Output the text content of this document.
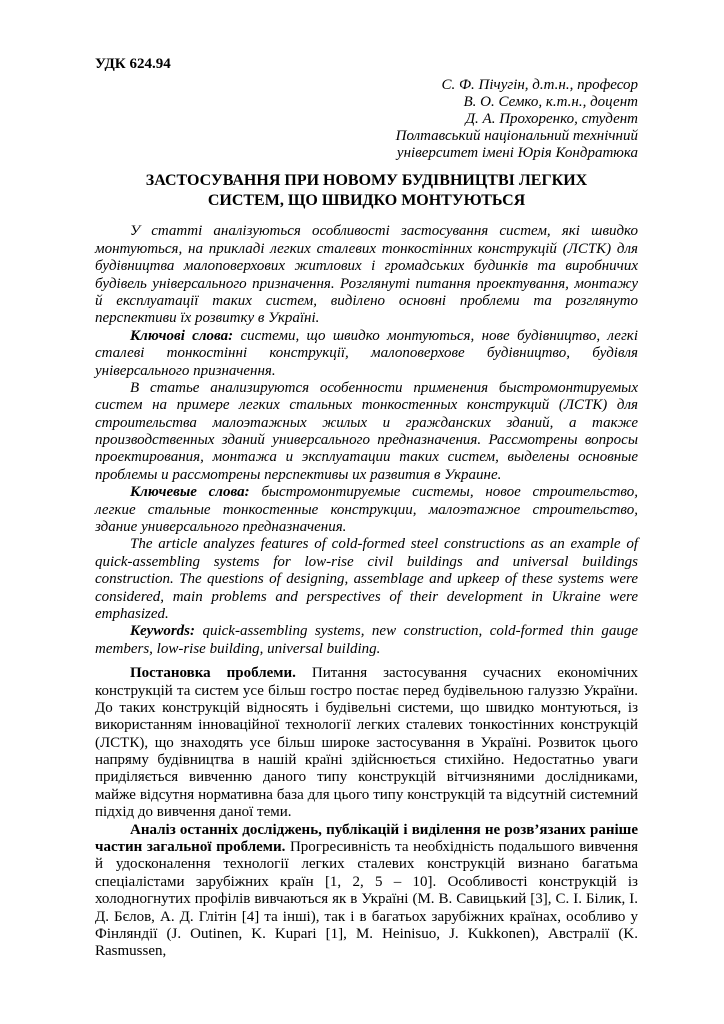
УДК 624.94
С. Ф. Пічугін, д.т.н., професор
В. О. Семко, к.т.н., доцент
Д. А. Прохоренко, студент
Полтавський національний технічний
університет імені Юрія Кондратюка
ЗАСТОСУВАННЯ ПРИ НОВОМУ БУДІВНИЦТВІ ЛЕГКИХ СИСТЕМ, ЩО ШВИДКО МОНТУЮТЬСЯ

У статті аналізуються особливості застосування систем, які швидко монтуються, на прикладі легких сталевих тонкостінних конструкцій (ЛСТК) для будівництва малоповерхових житлових і громадських будинків та виробничих будівель універсального призначення. Розглянуті питання проектування, монтажу й експлуатації таких систем, виділено основні проблеми та розглянуто перспективи їх розвитку в Україні.

Ключові слова: системи, що швидко монтуються, нове будівництво, легкі сталеві тонкостінні конструкції, малоповерхове будівництво, будівля універсального призначення.

В статье анализируются особенности применения быстромонтируемых систем на примере легких стальных тонкостенных конструкций (ЛСТК) для строительства малоэтажных жилых и гражданских зданий, а также производственных зданий универсального предназначения. Рассмотрены вопросы проектирования, монтажа и эксплуатации таких систем, выделены основные проблемы и рассмотрены перспективы их развития в Украине.

Ключевые слова: быстромонтируемые системы, новое строительство, легкие стальные тонкостенные конструкции, малоэтажное строительство, здание универсального предназначения.

The article analyzes features of cold-formed steel constructions as an example of quick-assembling systems for low-rise civil buildings and universal buildings construction. The questions of designing, assemblage and upkeep of these systems were considered, main problems and perspectives of their development in Ukraine were emphasized.

Keywords: quick-assembling systems, new construction, cold-formed thin gauge members, low-rise building, universal building.

Постановка проблеми. Питання застосування сучасних економічних конструкцій та систем усе більш гостро постає перед будівельною галуззю України. До таких конструкцій відносять і будівельні системи, що швидко монтуються, із використанням інноваційної технології легких сталевих тонкостінних конструкцій (ЛСТК), що знаходять усе більш широке застосування в Україні. Розвиток цього напряму будівництва в нашій країні здійснюється стихійно. Недостатньо уваги приділяється вивченню даного типу конструкцій вітчизняними дослідниками, майже відсутня нормативна база для цього типу конструкцій та відсутній системний підхід до вивчення даної теми.

Аналіз останніх досліджень, публікацій і виділення не розв’язаних раніше частин загальної проблеми. Прогресивність та необхідність подальшого вивчення й удосконалення технології легких сталевих конструкцій визнано багатьма спеціалістами зарубіжних країн [1, 2, 5 – 10]. Особливості конструкцій із холодногнутих профілів вивчаються як в Україні (М. В. Савицький [3], С. І. Білик, І. Д. Бєлов, А. Д. Глітін [4] та інші), так і в багатьох зарубіжних країнах, особливо у Фінляндії (J. Outinen, K. Kupari [1], M. Heinisuo, J. Kukkonen), Австралії (K. Rasmussen,
